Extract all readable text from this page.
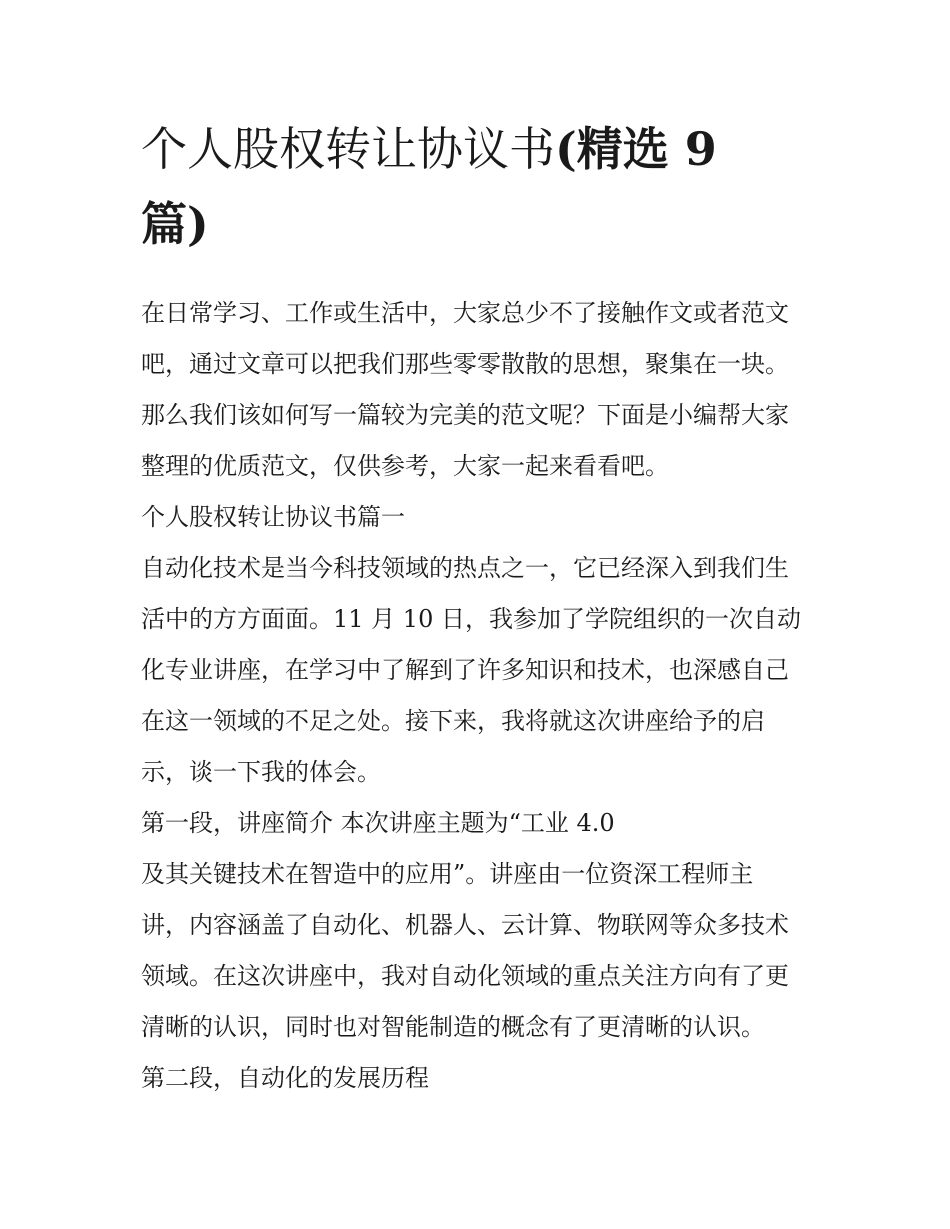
个人股权转让协议书(精选 9
篇)
在日常学习、工作或生活中，大家总少不了接触作文或者范文
吧，通过文章可以把我们那些零零散散的思想，聚集在一块。
那么我们该如何写一篇较为完美的范文呢？下面是小编帮大家
整理的优质范文，仅供参考，大家一起来看看吧。
个人股权转让协议书篇一
自动化技术是当今科技领域的热点之一，它已经深入到我们生
活中的方方面面。11 月 10 日，我参加了学院组织的一次自动
化专业讲座，在学习中了解到了许多知识和技术，也深感自己
在这一领域的不足之处。接下来，我将就这次讲座给予的启
示，谈一下我的体会。
第一段，讲座简介 本次讲座主题为“工业 4.0
及其关键技术在智造中的应用”。讲座由一位资深工程师主
讲，内容涵盖了自动化、机器人、云计算、物联网等众多技术
领域。在这次讲座中，我对自动化领域的重点关注方向有了更
清晰的认识，同时也对智能制造的概念有了更清晰的认识。
第二段，自动化的发展历程
